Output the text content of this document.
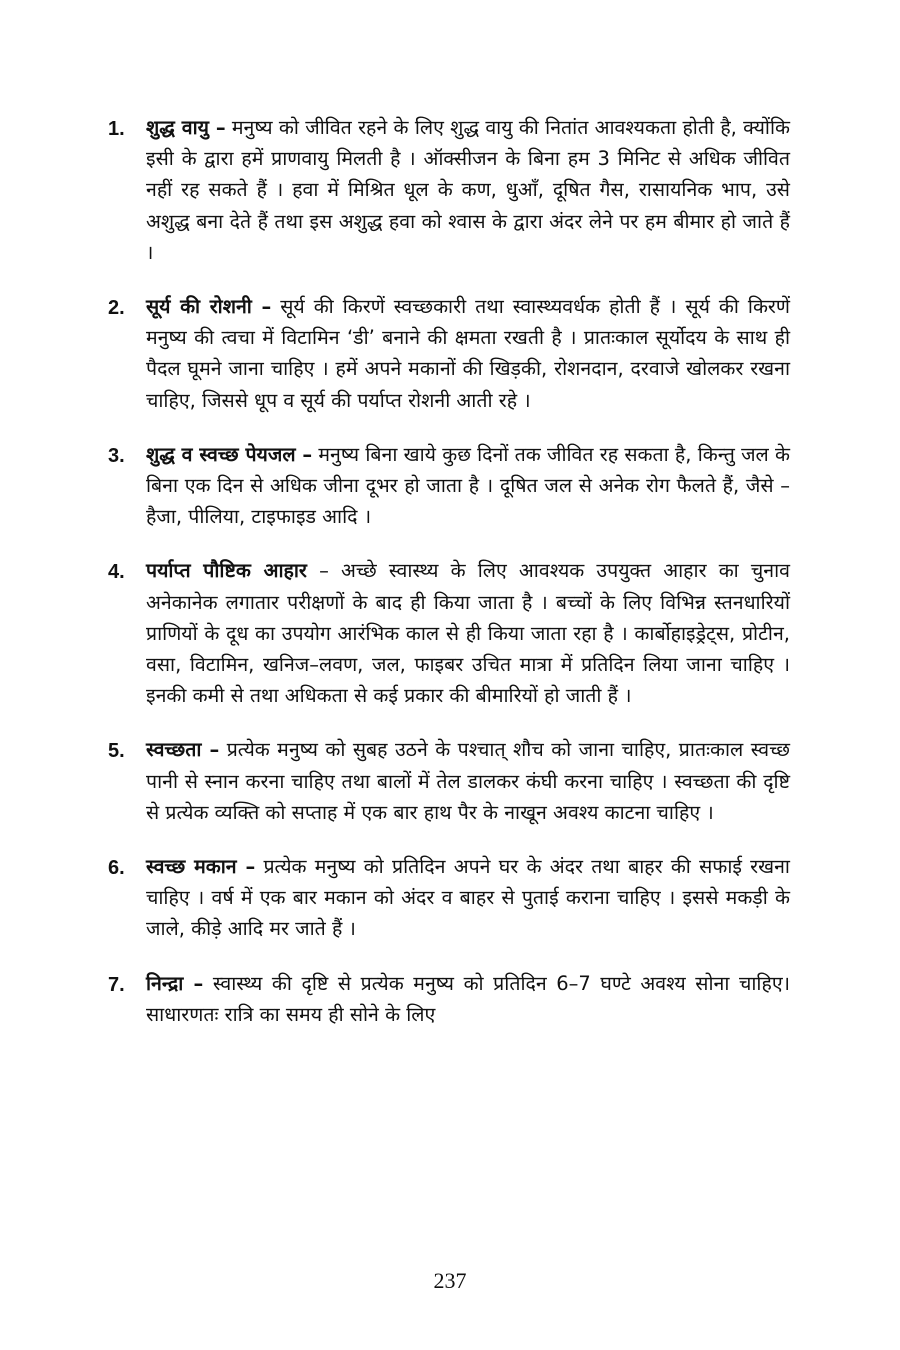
1.	शुद्ध वायु – मनुष्य को जीवित रहने के लिए शुद्ध वायु की नितांत आवश्यकता होती है, क्योंकि इसी के द्वारा हमें प्राणवायु मिलती है । ऑक्सीजन के बिना हम 3 मिनिट से अधिक जीवित नहीं रह सकते हैं । हवा में मिश्रित धूल के कण, धुआँ, दूषित गैस, रासायनिक भाप, उसे अशुद्ध बना देते हैं तथा इस अशुद्ध हवा को श्वास के द्वारा अंदर लेने पर हम बीमार हो जाते हैं ।

2.	सूर्य की रोशनी – सूर्य की किरणें स्वच्छकारी तथा स्वास्थ्यवर्धक होती हैं । सूर्य की किरणें मनुष्य की त्वचा में विटामिन ‘डी’ बनाने की क्षमता रखती है । प्रातःकाल सूर्योदय के साथ ही पैदल घूमने जाना चाहिए । हमें अपने मकानों की खिड़की, रोशनदान, दरवाजे खोलकर रखना चाहिए, जिससे धूप व सूर्य की पर्याप्त रोशनी आती रहे ।

3.	शुद्ध व स्वच्छ पेयजल – मनुष्य बिना खाये कुछ दिनों तक जीवित रह सकता है, किन्तु जल के बिना एक दिन से अधिक जीना दूभर हो जाता है । दूषित जल से अनेक रोग फैलते हैं, जैसे – हैजा, पीलिया, टाइफाइड आदि ।

4.	पर्याप्त पौष्टिक आहार – अच्छे स्वास्थ्य के लिए आवश्यक उपयुक्त आहार का चुनाव अनेकानेक लगातार परीक्षणों के बाद ही किया जाता है । बच्चों के लिए विभिन्न स्तनधारियों प्राणियों के दूध का उपयोग आरंभिक काल से ही किया जाता रहा है । कार्बोहाइड्रेट्स, प्रोटीन, वसा, विटामिन, खनिज–लवण, जल, फाइबर उचित मात्रा में प्रतिदिन लिया जाना चाहिए । इनकी कमी से तथा अधिकता से कई प्रकार की बीमारियों हो जाती हैं ।

5.	स्वच्छता – प्रत्येक मनुष्य को सुबह उठने के पश्चात् शौच को जाना चाहिए, प्रातःकाल स्वच्छ पानी से स्नान करना चाहिए तथा बालों में तेल डालकर कंघी करना चाहिए । स्वच्छता की दृष्टि से प्रत्येक व्यक्ति को सप्ताह में एक बार हाथ पैर के नाखून अवश्य काटना चाहिए ।

6.	स्वच्छ मकान – प्रत्येक मनुष्य को प्रतिदिन अपने घर के अंदर तथा बाहर की सफाई रखना चाहिए । वर्ष में एक बार मकान को अंदर व बाहर से पुताई कराना चाहिए । इससे मकड़ी के जाले, कीड़े आदि मर जाते हैं ।

7.	निन्द्रा – स्वास्थ्य की दृष्टि से प्रत्येक मनुष्य को प्रतिदिन 6–7 घण्टे अवश्य सोना चाहिए। साधारणतः रात्रि का समय ही सोने के लिए

237
